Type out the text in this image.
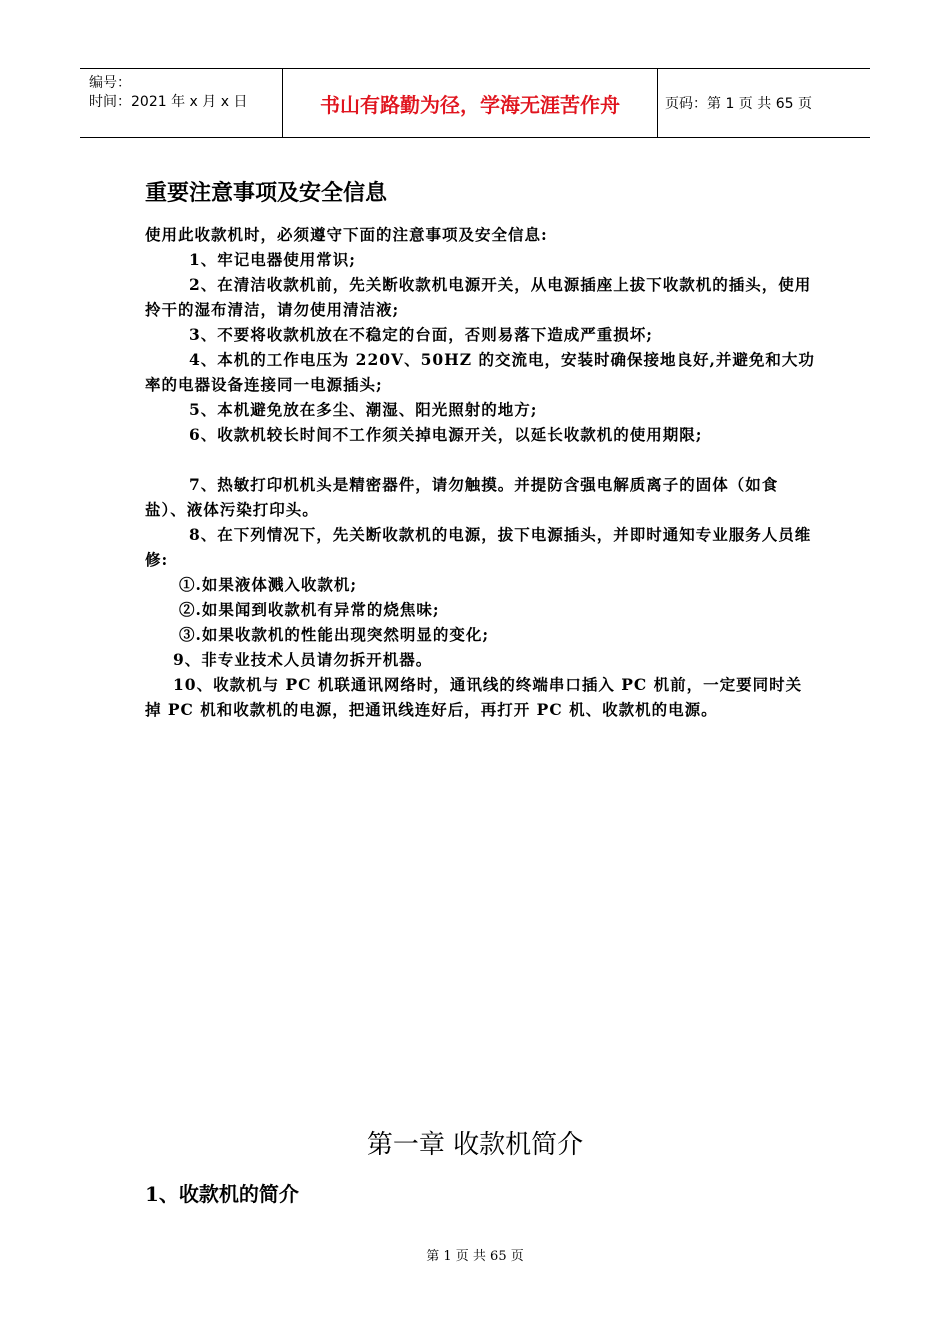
编号：
时间：2021 年 x 月 x 日	书山有路勤为径，学海无涯苦作舟	页码：第 1 页 共 65 页
重要注意事项及安全信息

使用此收款机时，必须遵守下面的注意事项及安全信息:

1、牢记电器使用常识;

2、在清洁收款机前，先关断收款机电源开关，从电源插座上拔下收款机的插头，使用拎干的湿布清洁，请勿使用清洁液;

3、不要将收款机放在不稳定的台面，否则易落下造成严重损坏;

4、本机的工作电压为 220V、50HZ 的交流电，安装时确保接地良好,并避免和大功率的电器设备连接同一电源插头;

5、本机避免放在多尘、潮湿、阳光照射的地方;

6、收款机较长时间不工作须关掉电源开关，以延长收款机的使用期限;

7、热敏打印机机头是精密器件，请勿触摸。并提防含强电解质离子的固体（如食盐）、液体污染打印头。

8、在下列情况下，先关断收款机的电源，拔下电源插头，并即时通知专业服务人员维修:

①.如果液体溅入收款机;

②.如果闻到收款机有异常的烧焦味;

③.如果收款机的性能出现突然明显的变化;

9、非专业技术人员请勿拆开机器。

10、收款机与 PC 机联通讯网络时，通讯线的终端串口插入 PC 机前，一定要同时关掉 PC 机和收款机的电源，把通讯线连好后，再打开 PC 机、收款机的电源。

第一章 收款机简介
1、收款机的简介
第 1 页 共 65 页
